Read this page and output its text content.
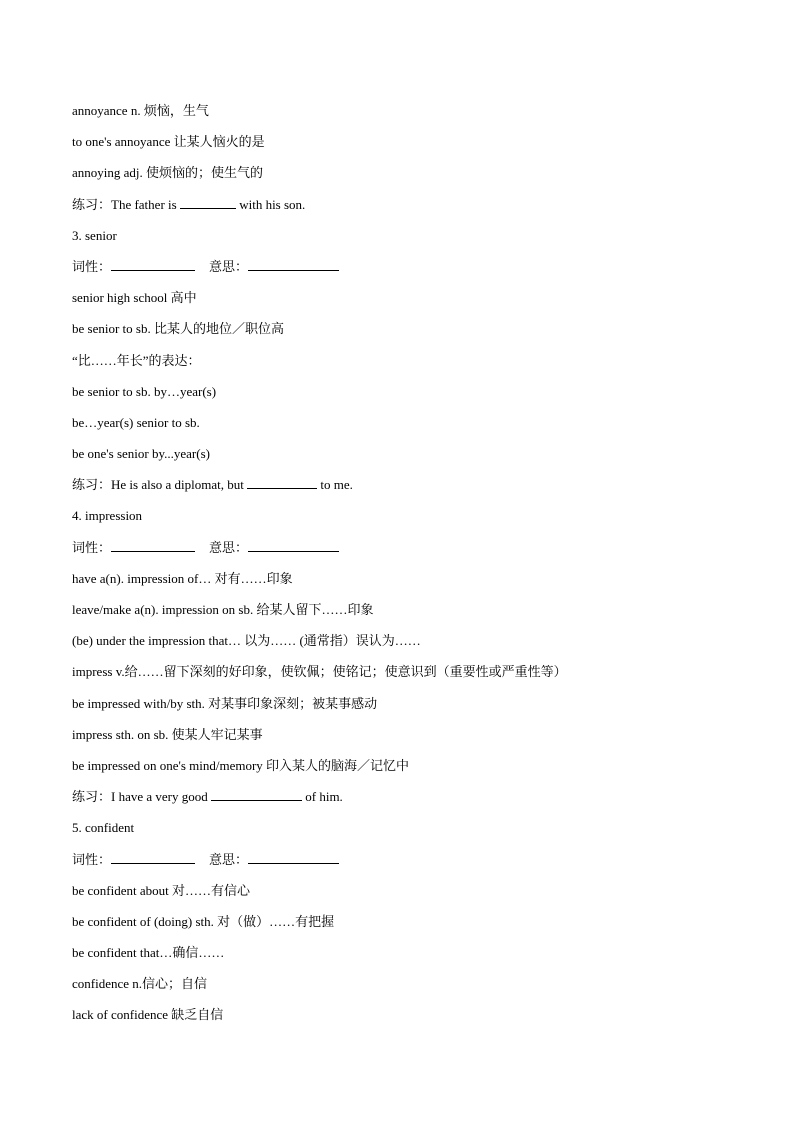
annoyance n. 烦恼，生气
to one's annoyance 让某人恼火的是
annoying adj. 使烦恼的；使生气的
练习：The father is	with his son.
3. senior
词性：	意思：
senior high school 高中
be senior to sb. 比某人的地位／职位高
“比……年长”的表达：
be senior to sb. by…year(s)
be…year(s) senior to sb.
be one's senior by...year(s)
练习：He is also a diplomat, but	to me.
4. impression
词性：	意思：
have a(n). impression of… 对有……印象
leave/make a(n). impression on sb. 给某人留下……印象
(be) under the impression that… 以为…… (通常指）误认为……
impress v.给……留下深刻的好印象，使钦佩；使铭记；使意识到（重要性或严重性等）
be impressed with/by sth. 对某事印象深刻；被某事感动
impress sth. on sb. 使某人牢记某事
be impressed on one's mind/memory 印入某人的脑海／记忆中
练习：I have a very good	of him.
5. confident
词性：	意思：
be confident about 对……有信心
be confident of (doing) sth. 对（做）……有把握
be confident that…确信……
confidence n.信心；自信
lack of confidence 缺乏自信
